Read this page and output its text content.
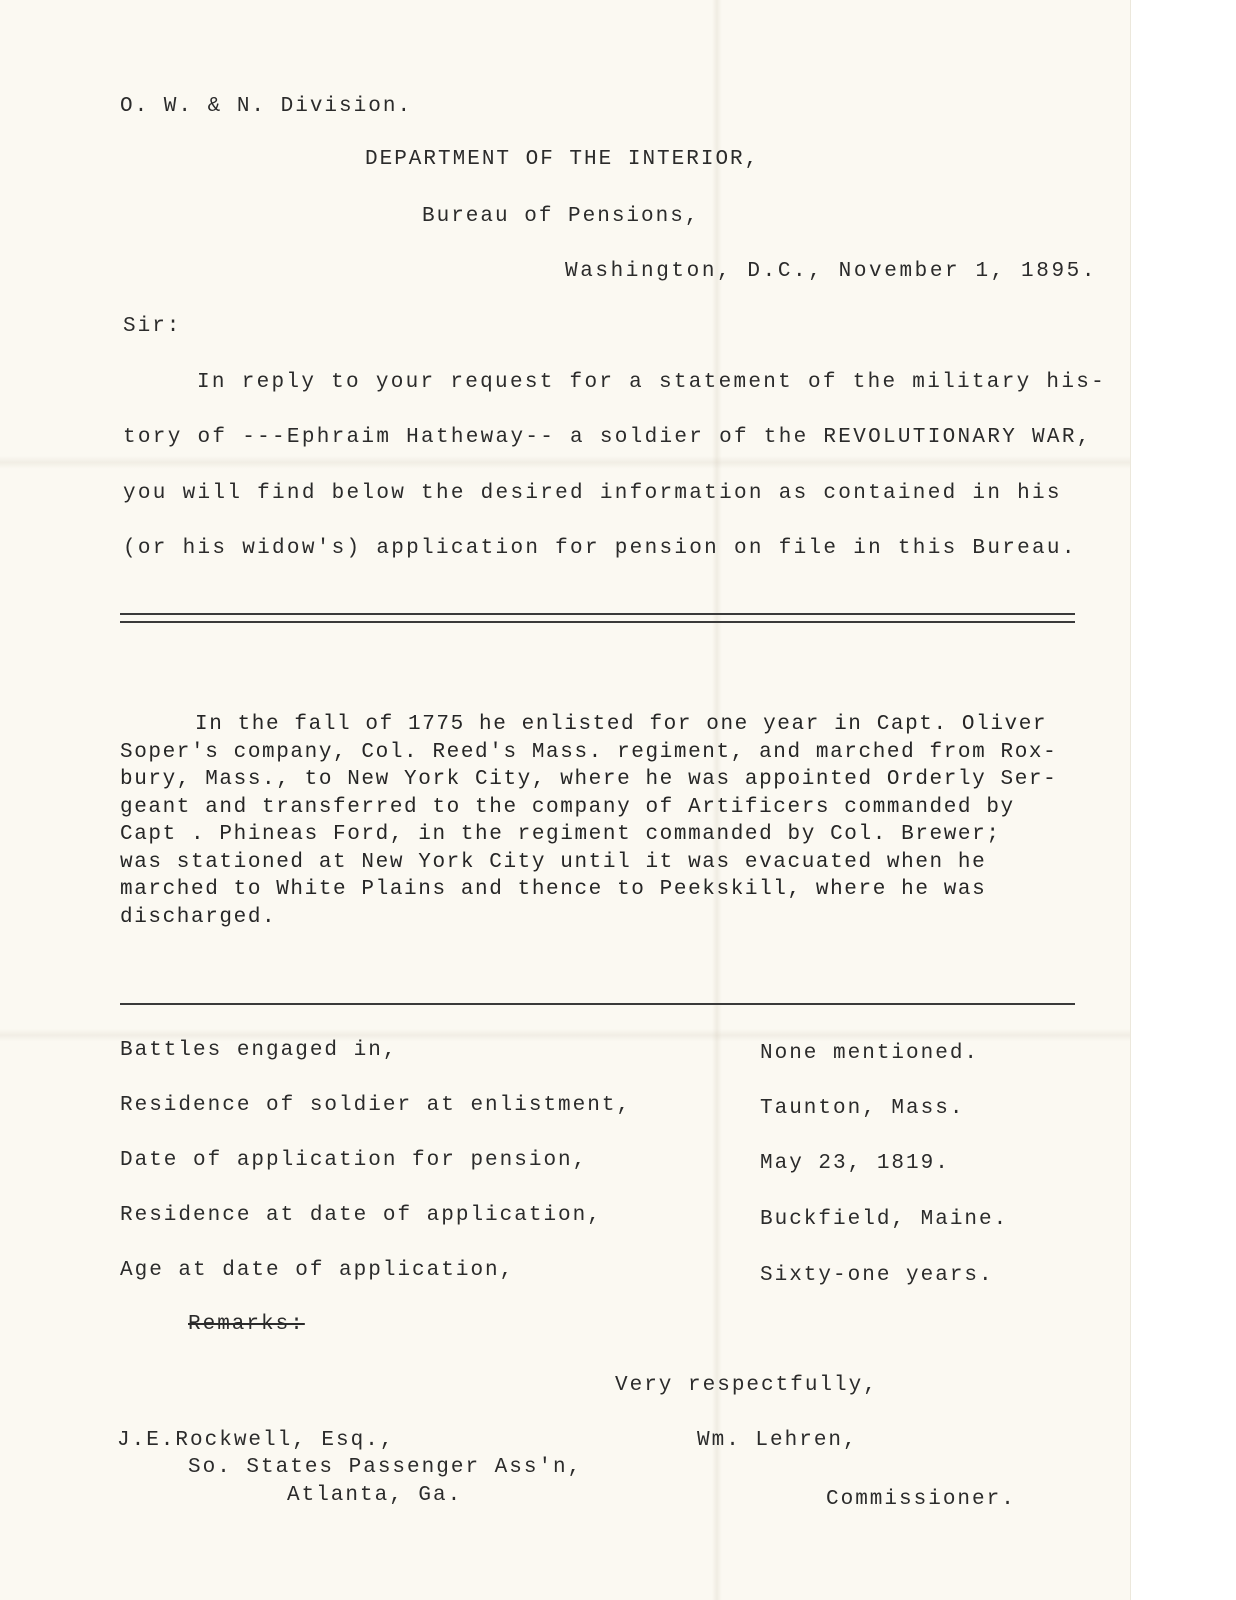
O. W. & N. Division.
DEPARTMENT OF THE INTERIOR,
Bureau of Pensions,
Washington, D.C., November 1, 1895.
Sir:
In reply to your request for a statement of the military his-
tory of ---Ephraim Hatheway-- a soldier of the REVOLUTIONARY WAR,
you will find below the desired information as contained in his
(or his widow's) application for pension on file in this Bureau.
In the fall of 1775 he enlisted for one year in Capt. Oliver
Soper's company, Col. Reed's Mass. regiment, and marched from Rox-
bury, Mass., to New York City, where he was appointed Orderly Ser-
geant and transferred to the company of Artificers commanded by
Capt . Phineas Ford, in the regiment commanded by Col. Brewer;
was stationed at New York City until it was evacuated when he
marched to White Plains and thence to Peekskill, where he was
discharged.
Battles engaged in,	None mentioned.
Residence of soldier at enlistment,	Taunton, Mass.
Date of application for pension,	May 23, 1819.
Residence at date of application,	Buckfield, Maine.
Age at date of application,	Sixty-one years.
Remarks:
Very respectfully,
J.E.Rockwell, Esq.,	Wm. Lehren,
So. States Passenger Ass'n,
Atlanta, Ga.	Commissioner.
